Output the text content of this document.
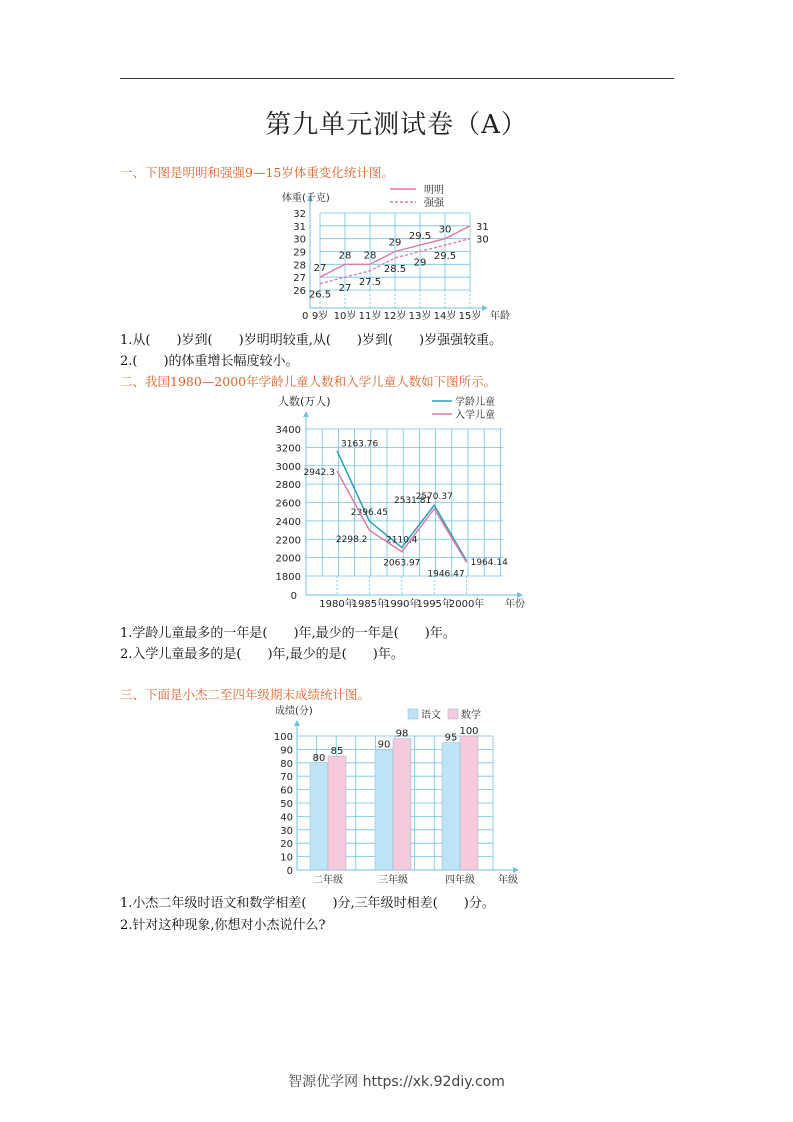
第九单元测试卷（A）
一、下图是明明和强强9—15岁体重变化统计图。
26
27
28
29
30
31
32
9岁 10岁 11岁 12岁 13岁 14岁 15岁
0	年龄
体重(千克)
27
28 28
29
29.5
30 31
26.5
27
27.5
28.5
29
29.5
30
明明
强强
1.从(　　)岁到(　　)岁明明较重,从(　　)岁到(　　)岁强强较重。
2.(　　)的体重增长幅度较小。
二、我国1980—2000年学龄儿童人数和入学儿童人数如下图所示。
1800
2000
2200
2400
2600
2800
3000
3200
3400
1980年
1985年
1990年
1995年
2000年
0
年份
人数(万人)
3163.76
2396.45
2110.4
2570.37
1964.14
2942.3
2298.2
2063.97
2531.81
1946.47
学龄儿童
入学儿童
1.学龄儿童最多的一年是(　　)年,最少的一年是(　　)年。
2.入学儿童最多的是(　　)年,最少的是(　　)年。
三、下面是小杰二至四年级期末成绩统计图。
0
10
20
30
40
50
60
70
80
90
100
年级
成绩(分)
80
85
二年级
90
98
三年级
95
100
四年级
语文 数学
1.小杰二年级时语文和数学相差(　　)分,三年级时相差(　　)分。
2.针对这种现象,你想对小杰说什么?
智源优学网 https://xk.92diy.com
